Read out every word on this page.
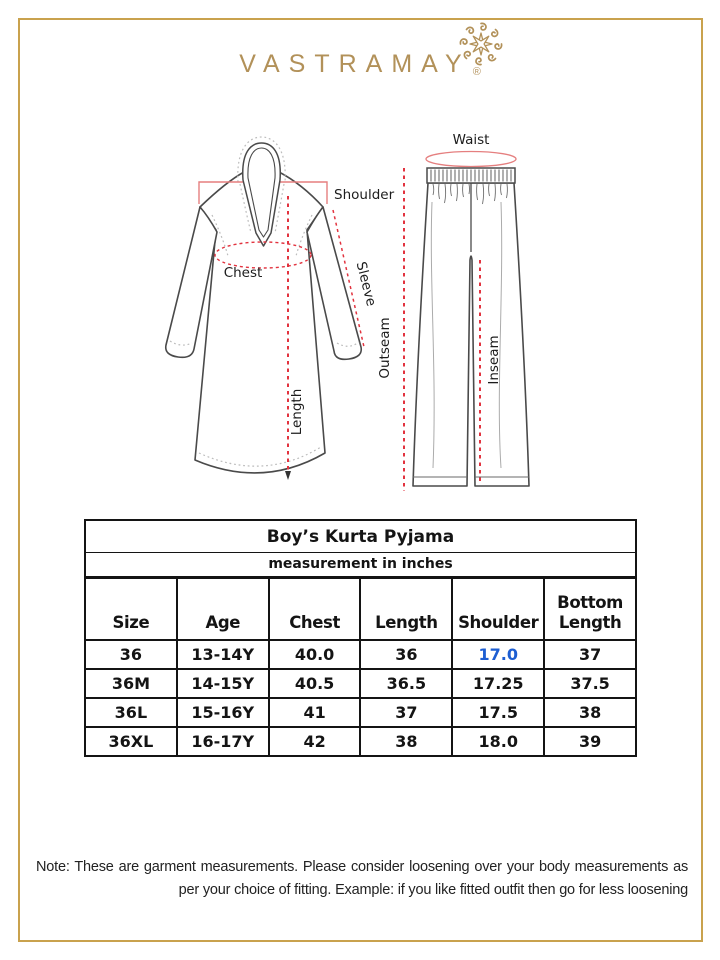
VASTRAMAY ®
Shoulder
Chest	Sleeve
Length
Waist
Outseam	Inseam
Boy’s Kurta Pyjama					
measurement in inches					
Size	Age	Chest	Length	Shoulder	Bottom Length
36	13-14Y	40.0	36	17.0	37
36M	14-15Y	40.5	36.5	17.25	37.5
36L	15-16Y	41	37	17.5	38
36XL	16-17Y	42	38	18.0	39

Note: These are garment measurements. Please consider loosening over your body measurements as per your choice of fitting. Example: if you like fitted outfit then go for less loosening
